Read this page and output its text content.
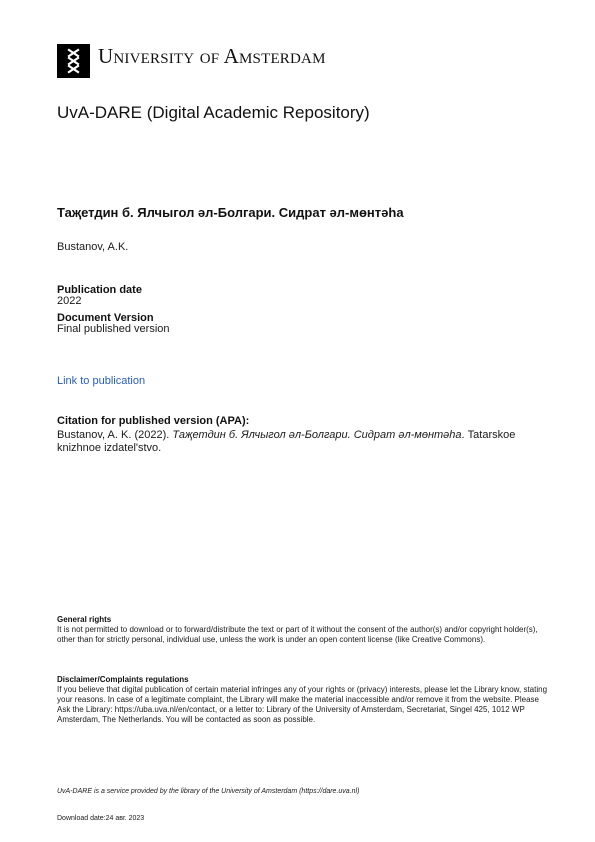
University of Amsterdam
UvA-DARE (Digital Academic Repository)
Таҗетдин б. Ялчыгол әл-Болгари. Сидрат әл-мөнтәһа
Bustanov, A.K.
Publication date
2022
Document Version
Final published version
Link to publication
Citation for published version (APA):
Bustanov, A. K. (2022). Таҗетдин б. Ялчыгол әл-Болгари. Сидрат әл-мөнтәһа. Tatarskoe knizhnoe izdatel'stvo.
General rights
It is not permitted to download or to forward/distribute the text or part of it without the consent of the author(s) and/or copyright holder(s), other than for strictly personal, individual use, unless the work is under an open content license (like Creative Commons).
Disclaimer/Complaints regulations
If you believe that digital publication of certain material infringes any of your rights or (privacy) interests, please let the Library know, stating your reasons. In case of a legitimate complaint, the Library will make the material inaccessible and/or remove it from the website. Please Ask the Library: https://uba.uva.nl/en/contact, or a letter to: Library of the University of Amsterdam, Secretariat, Singel 425, 1012 WP Amsterdam, The Netherlands. You will be contacted as soon as possible.
UvA-DARE is a service provided by the library of the University of Amsterdam (https://dare.uva.nl)
Download date:24 авг. 2023
